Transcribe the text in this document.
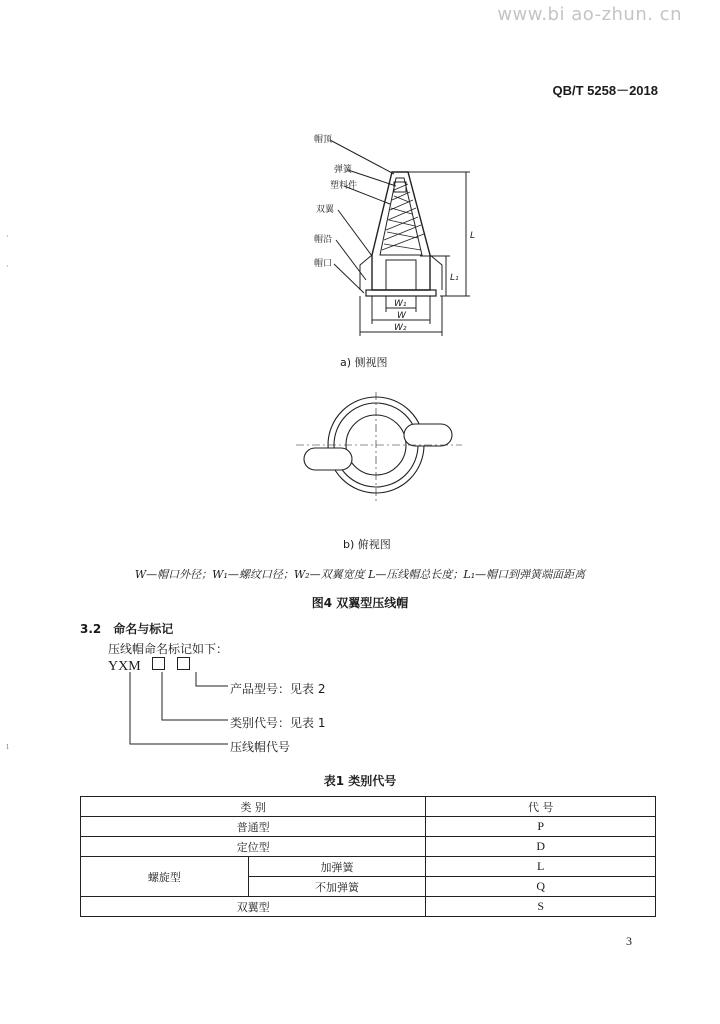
www.bi ao-zhun. cn
QB/T 5258－2018
·
·
ı
帽顶
弹簧
塑料件
双翼
帽沿
帽口
L
L₁
W₁
W
W₂
a) 侧视图
b) 俯视图
W—帽口外径；W₁—螺纹口径；W₂—双翼宽度 L—压线帽总长度；L₁—帽口到弹簧端面距离
图4 双翼型压线帽
3.2 命名与标记
压线帽命名标记如下：
YXM
产品型号：见表 2
类别代号：见表 1
压线帽代号
表1 类别代号
类 别		代 号
普通型		P
定位型		D
螺旋型	加弹簧	L
	不加弹簧	Q
双翼型		S
3
